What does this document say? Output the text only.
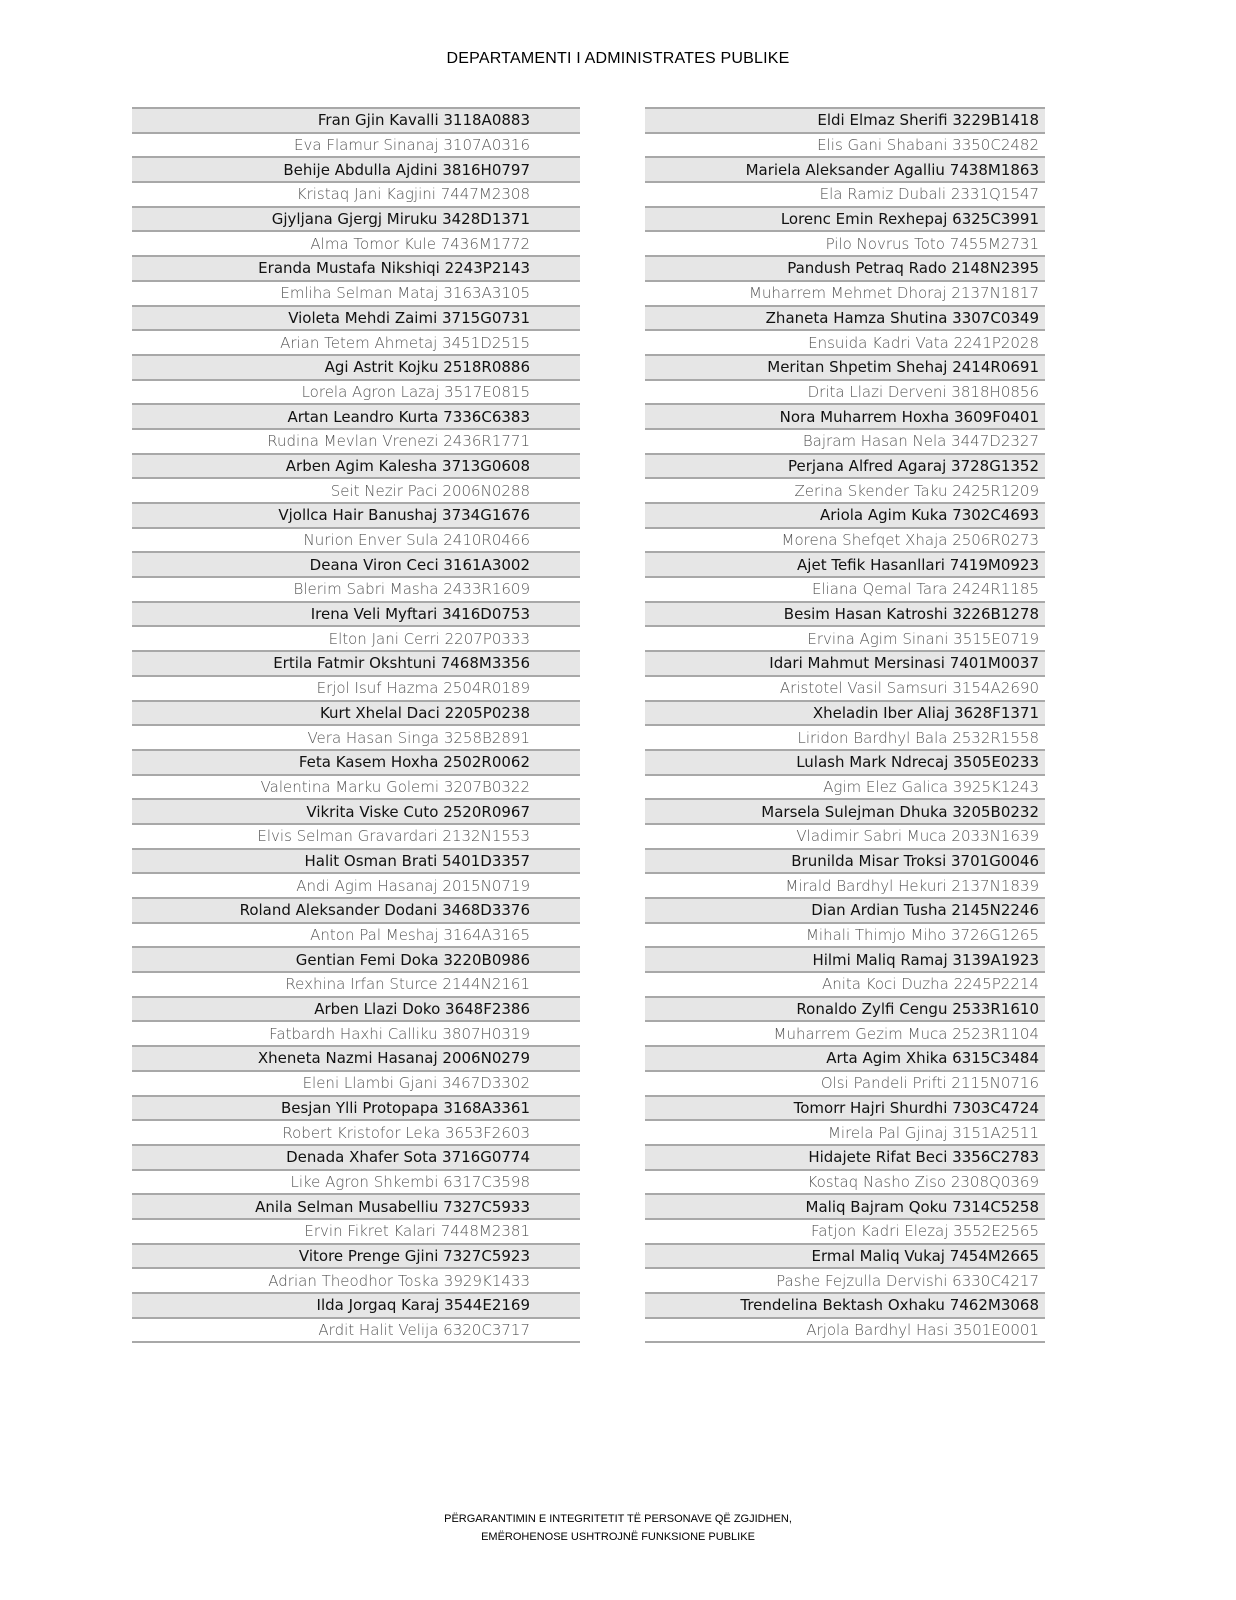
DEPARTAMENTI I ADMINISTRATES PUBLIKE
Fran Gjin Kavalli 3118A0883
Eva Flamur Sinanaj 3107A0316
Behije Abdulla Ajdini 3816H0797
Kristaq Jani Kagjini 7447M2308
Gjyljana Gjergj Miruku 3428D1371
Alma Tomor Kule 7436M1772
Eranda Mustafa Nikshiqi 2243P2143
Emliha Selman Mataj 3163A3105
Violeta Mehdi Zaimi 3715G0731
Arian Tetem Ahmetaj 3451D2515
Agi Astrit Kojku 2518R0886
Lorela Agron Lazaj 3517E0815
Artan Leandro Kurta 7336C6383
Rudina Mevlan Vrenezi 2436R1771
Arben Agim Kalesha 3713G0608
Seit Nezir Paci 2006N0288
Vjollca Hair Banushaj 3734G1676
Nurion Enver Sula 2410R0466
Deana Viron Ceci 3161A3002
Blerim Sabri Masha 2433R1609
Irena Veli Myftari 3416D0753
Elton Jani Cerri 2207P0333
Ertila Fatmir Okshtuni 7468M3356
Erjol Isuf Hazma 2504R0189
Kurt Xhelal Daci 2205P0238
Vera Hasan Singa 3258B2891
Feta Kasem Hoxha 2502R0062
Valentina Marku Golemi 3207B0322
Vikrita Viske Cuto 2520R0967
Elvis Selman Gravardari 2132N1553
Halit Osman Brati 5401D3357
Andi Agim Hasanaj 2015N0719
Roland Aleksander Dodani 3468D3376
Anton Pal Meshaj 3164A3165
Gentian Femi Doka 3220B0986
Rexhina Irfan Sturce 2144N2161
Arben Llazi Doko 3648F2386
Fatbardh Haxhi Calliku 3807H0319
Xheneta Nazmi Hasanaj 2006N0279
Eleni Llambi Gjani 3467D3302
Besjan Ylli Protopapa 3168A3361
Robert Kristofor Leka 3653F2603
Denada Xhafer Sota 3716G0774
Like Agron Shkembi 6317C3598
Anila Selman Musabelliu 7327C5933
Ervin Fikret Kalari 7448M2381
Vitore Prenge Gjini 7327C5923
Adrian Theodhor Toska 3929K1433
Ilda Jorgaq Karaj 3544E2169
Ardit Halit Velija 6320C3717
Eldi Elmaz Sherifi 3229B1418
Elis Gani Shabani 3350C2482
Mariela Aleksander Agalliu 7438M1863
Ela Ramiz Dubali 2331Q1547
Lorenc Emin Rexhepaj 6325C3991
Pilo Novrus Toto 7455M2731
Pandush Petraq Rado 2148N2395
Muharrem Mehmet Dhoraj 2137N1817
Zhaneta Hamza Shutina 3307C0349
Ensuida Kadri Vata 2241P2028
Meritan Shpetim Shehaj 2414R0691
Drita Llazi Derveni 3818H0856
Nora Muharrem Hoxha 3609F0401
Bajram Hasan Nela 3447D2327
Perjana Alfred Agaraj 3728G1352
Zerina Skender Taku 2425R1209
Ariola Agim Kuka 7302C4693
Morena Shefqet Xhaja 2506R0273
Ajet Tefik Hasanllari 7419M0923
Eliana Qemal Tara 2424R1185
Besim Hasan Katroshi 3226B1278
Ervina Agim Sinani 3515E0719
Idari Mahmut Mersinasi 7401M0037
Aristotel Vasil Samsuri 3154A2690
Xheladin Iber Aliaj 3628F1371
Liridon Bardhyl Bala 2532R1558
Lulash Mark Ndrecaj 3505E0233
Agim Elez Galica 3925K1243
Marsela Sulejman Dhuka 3205B0232
Vladimir Sabri Muca 2033N1639
Brunilda Misar Troksi 3701G0046
Mirald Bardhyl Hekuri 2137N1839
Dian Ardian Tusha 2145N2246
Mihali Thimjo Miho 3726G1265
Hilmi Maliq Ramaj 3139A1923
Anita Koci Duzha 2245P2214
Ronaldo Zylfi Cengu 2533R1610
Muharrem Gezim Muca 2523R1104
Arta Agim Xhika 6315C3484
Olsi Pandeli Prifti 2115N0716
Tomorr Hajri Shurdhi 7303C4724
Mirela Pal Gjinaj 3151A2511
Hidajete Rifat Beci 3356C2783
Kostaq Nasho Ziso 2308Q0369
Maliq Bajram Qoku 7314C5258
Fatjon Kadri Elezaj 3552E2565
Ermal Maliq Vukaj 7454M2665
Pashe Fejzulla Dervishi 6330C4217
Trendelina Bektash Oxhaku 7462M3068
Arjola Bardhyl Hasi 3501E0001
PËRGARANTIMIN E INTEGRITETIT TË PERSONAVE QË ZGJIDHEN,
EMËROHENOSE USHTROJNË FUNKSIONE PUBLIKE
